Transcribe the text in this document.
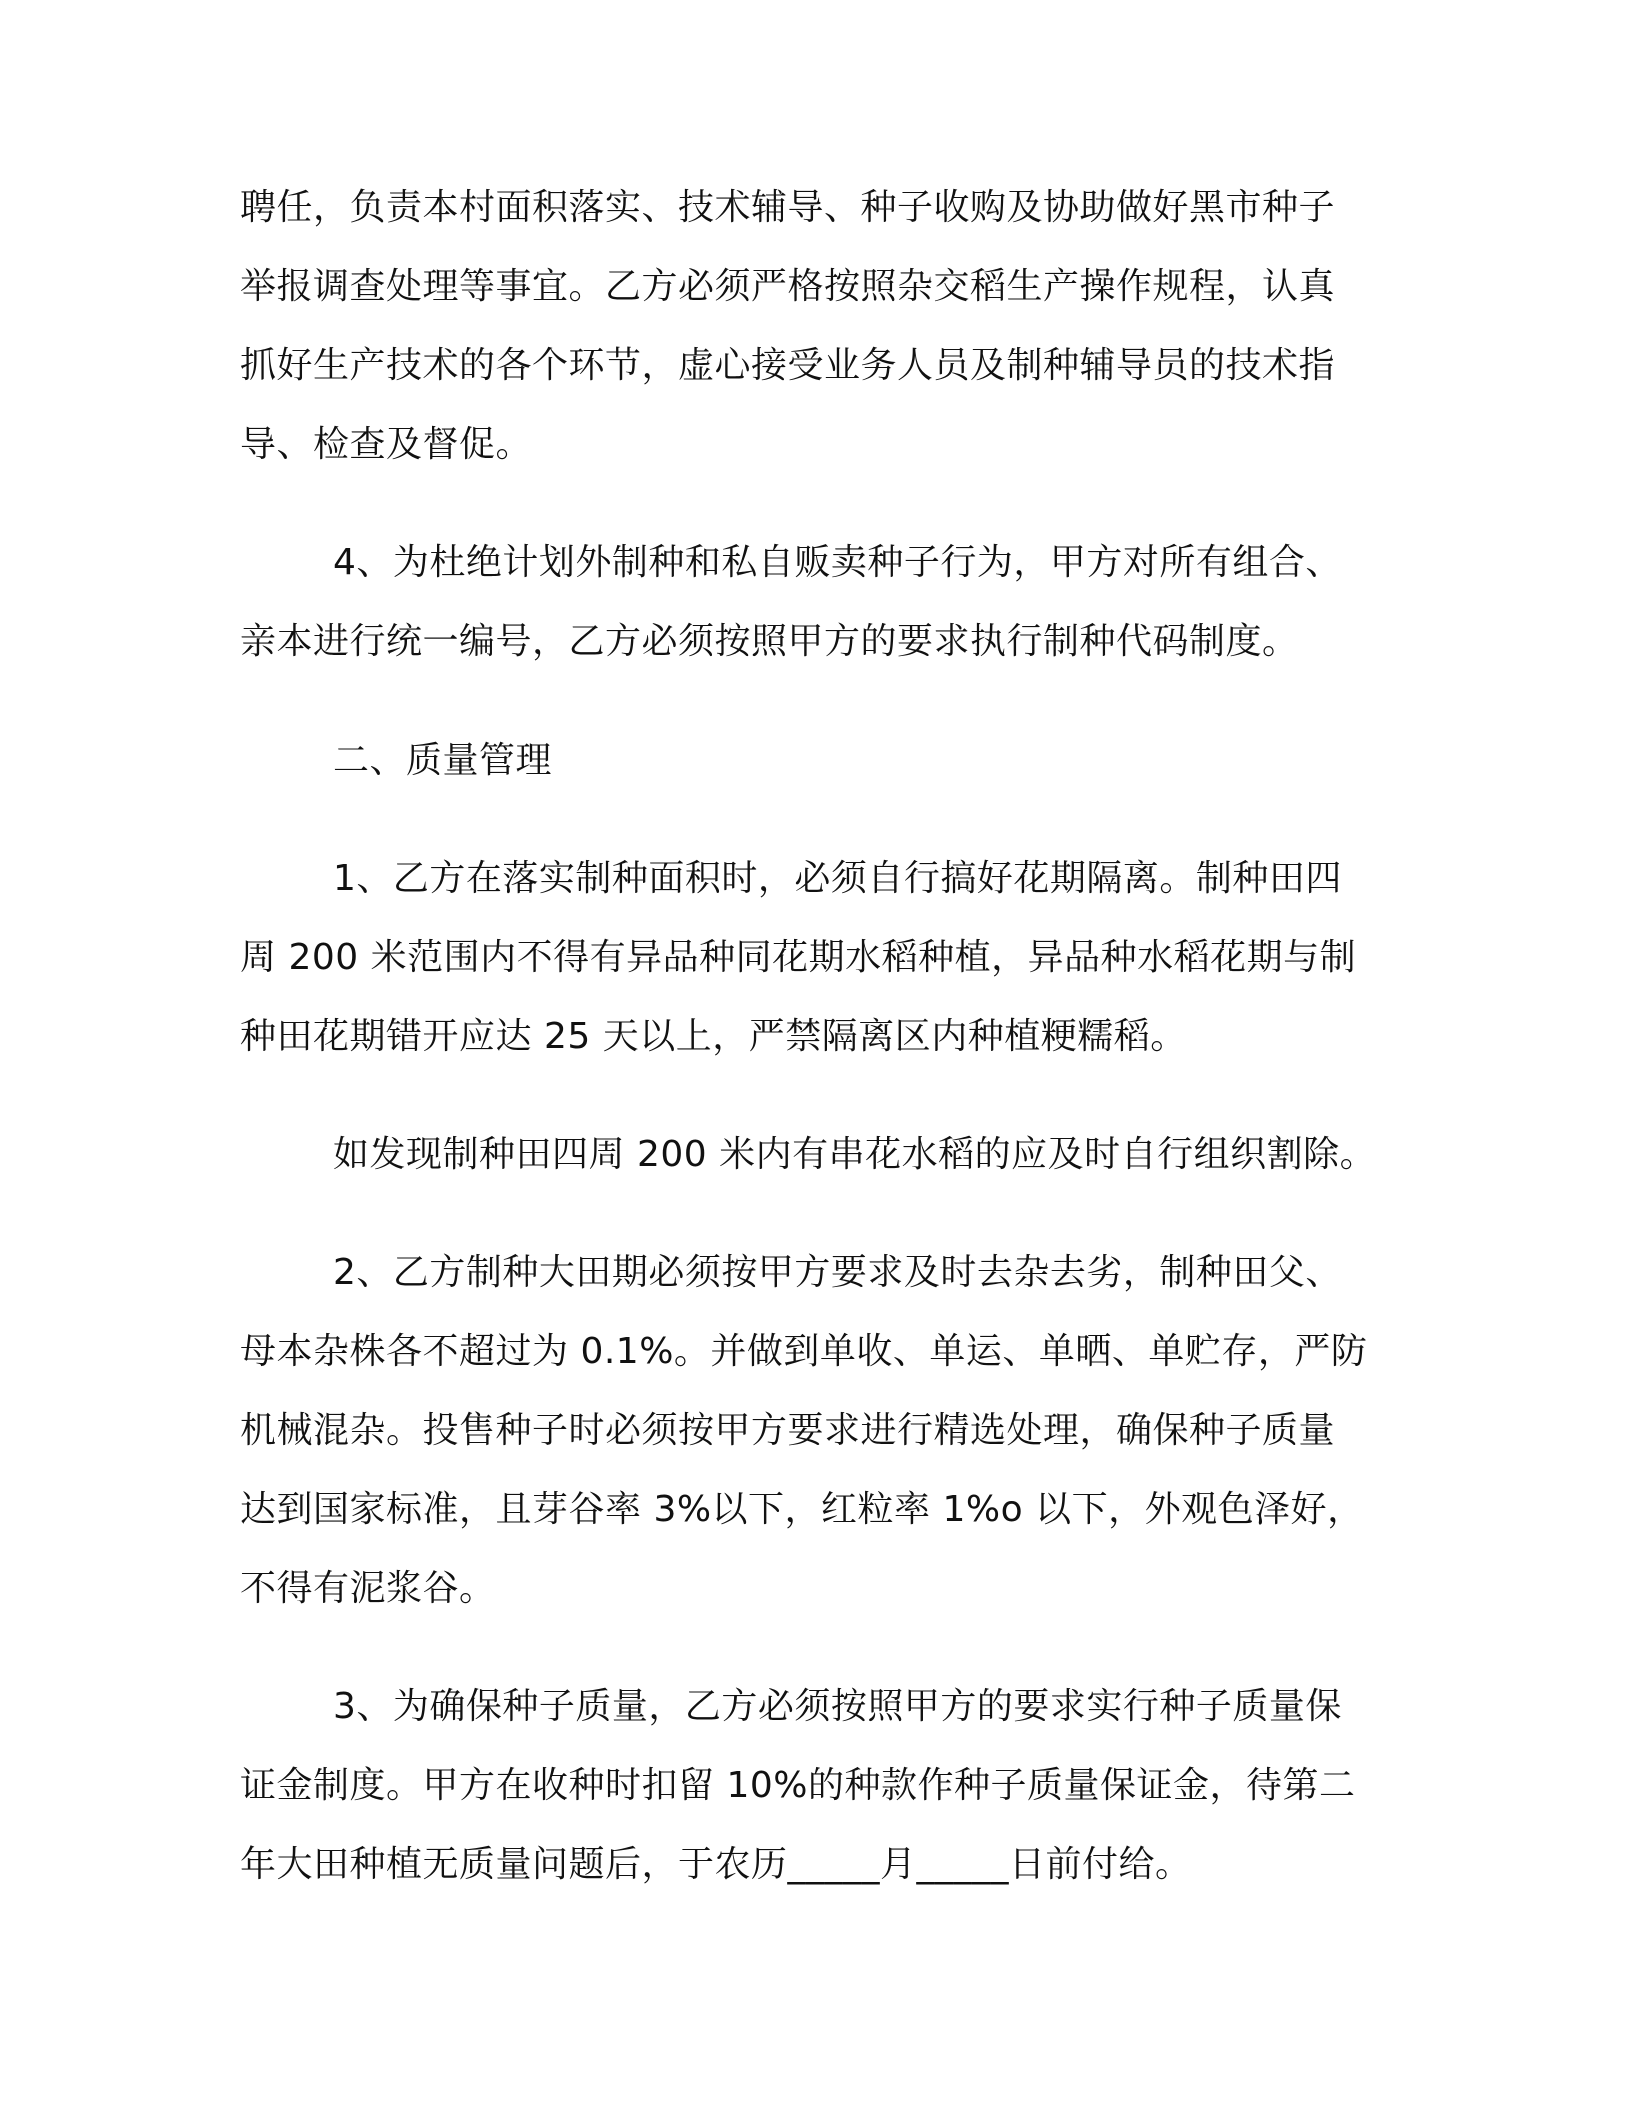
聘任，负责本村面积落实、技术辅导、种子收购及协助做好黑市种子

举报调查处理等事宜。乙方必须严格按照杂交稻生产操作规程，认真

抓好生产技术的各个环节，虚心接受业务人员及制种辅导员的技术指

导、检查及督促。

4、为杜绝计划外制种和私自贩卖种子行为，甲方对所有组合、

亲本进行统一编号，乙方必须按照甲方的要求执行制种代码制度。

二、质量管理

1、乙方在落实制种面积时，必须自行搞好花期隔离。制种田四

周 200 米范围内不得有异品种同花期水稻种植，异品种水稻花期与制

种田花期错开应达 25 天以上，严禁隔离区内种植粳糯稻。

如发现制种田四周 200 米内有串花水稻的应及时自行组织割除。

2、乙方制种大田期必须按甲方要求及时去杂去劣，制种田父、

母本杂株各不超过为 0.1%。并做到单收、单运、单晒、单贮存，严防

机械混杂。投售种子时必须按甲方要求进行精选处理，确保种子质量

达到国家标准，且芽谷率 3%以下，红粒率 1%o 以下，外观色泽好，

不得有泥浆谷。

3、为确保种子质量，乙方必须按照甲方的要求实行种子质量保

证金制度。甲方在收种时扣留 10%的种款作种子质量保证金，待第二

年大田种植无质量问题后，于农历_____月_____日前付给。
